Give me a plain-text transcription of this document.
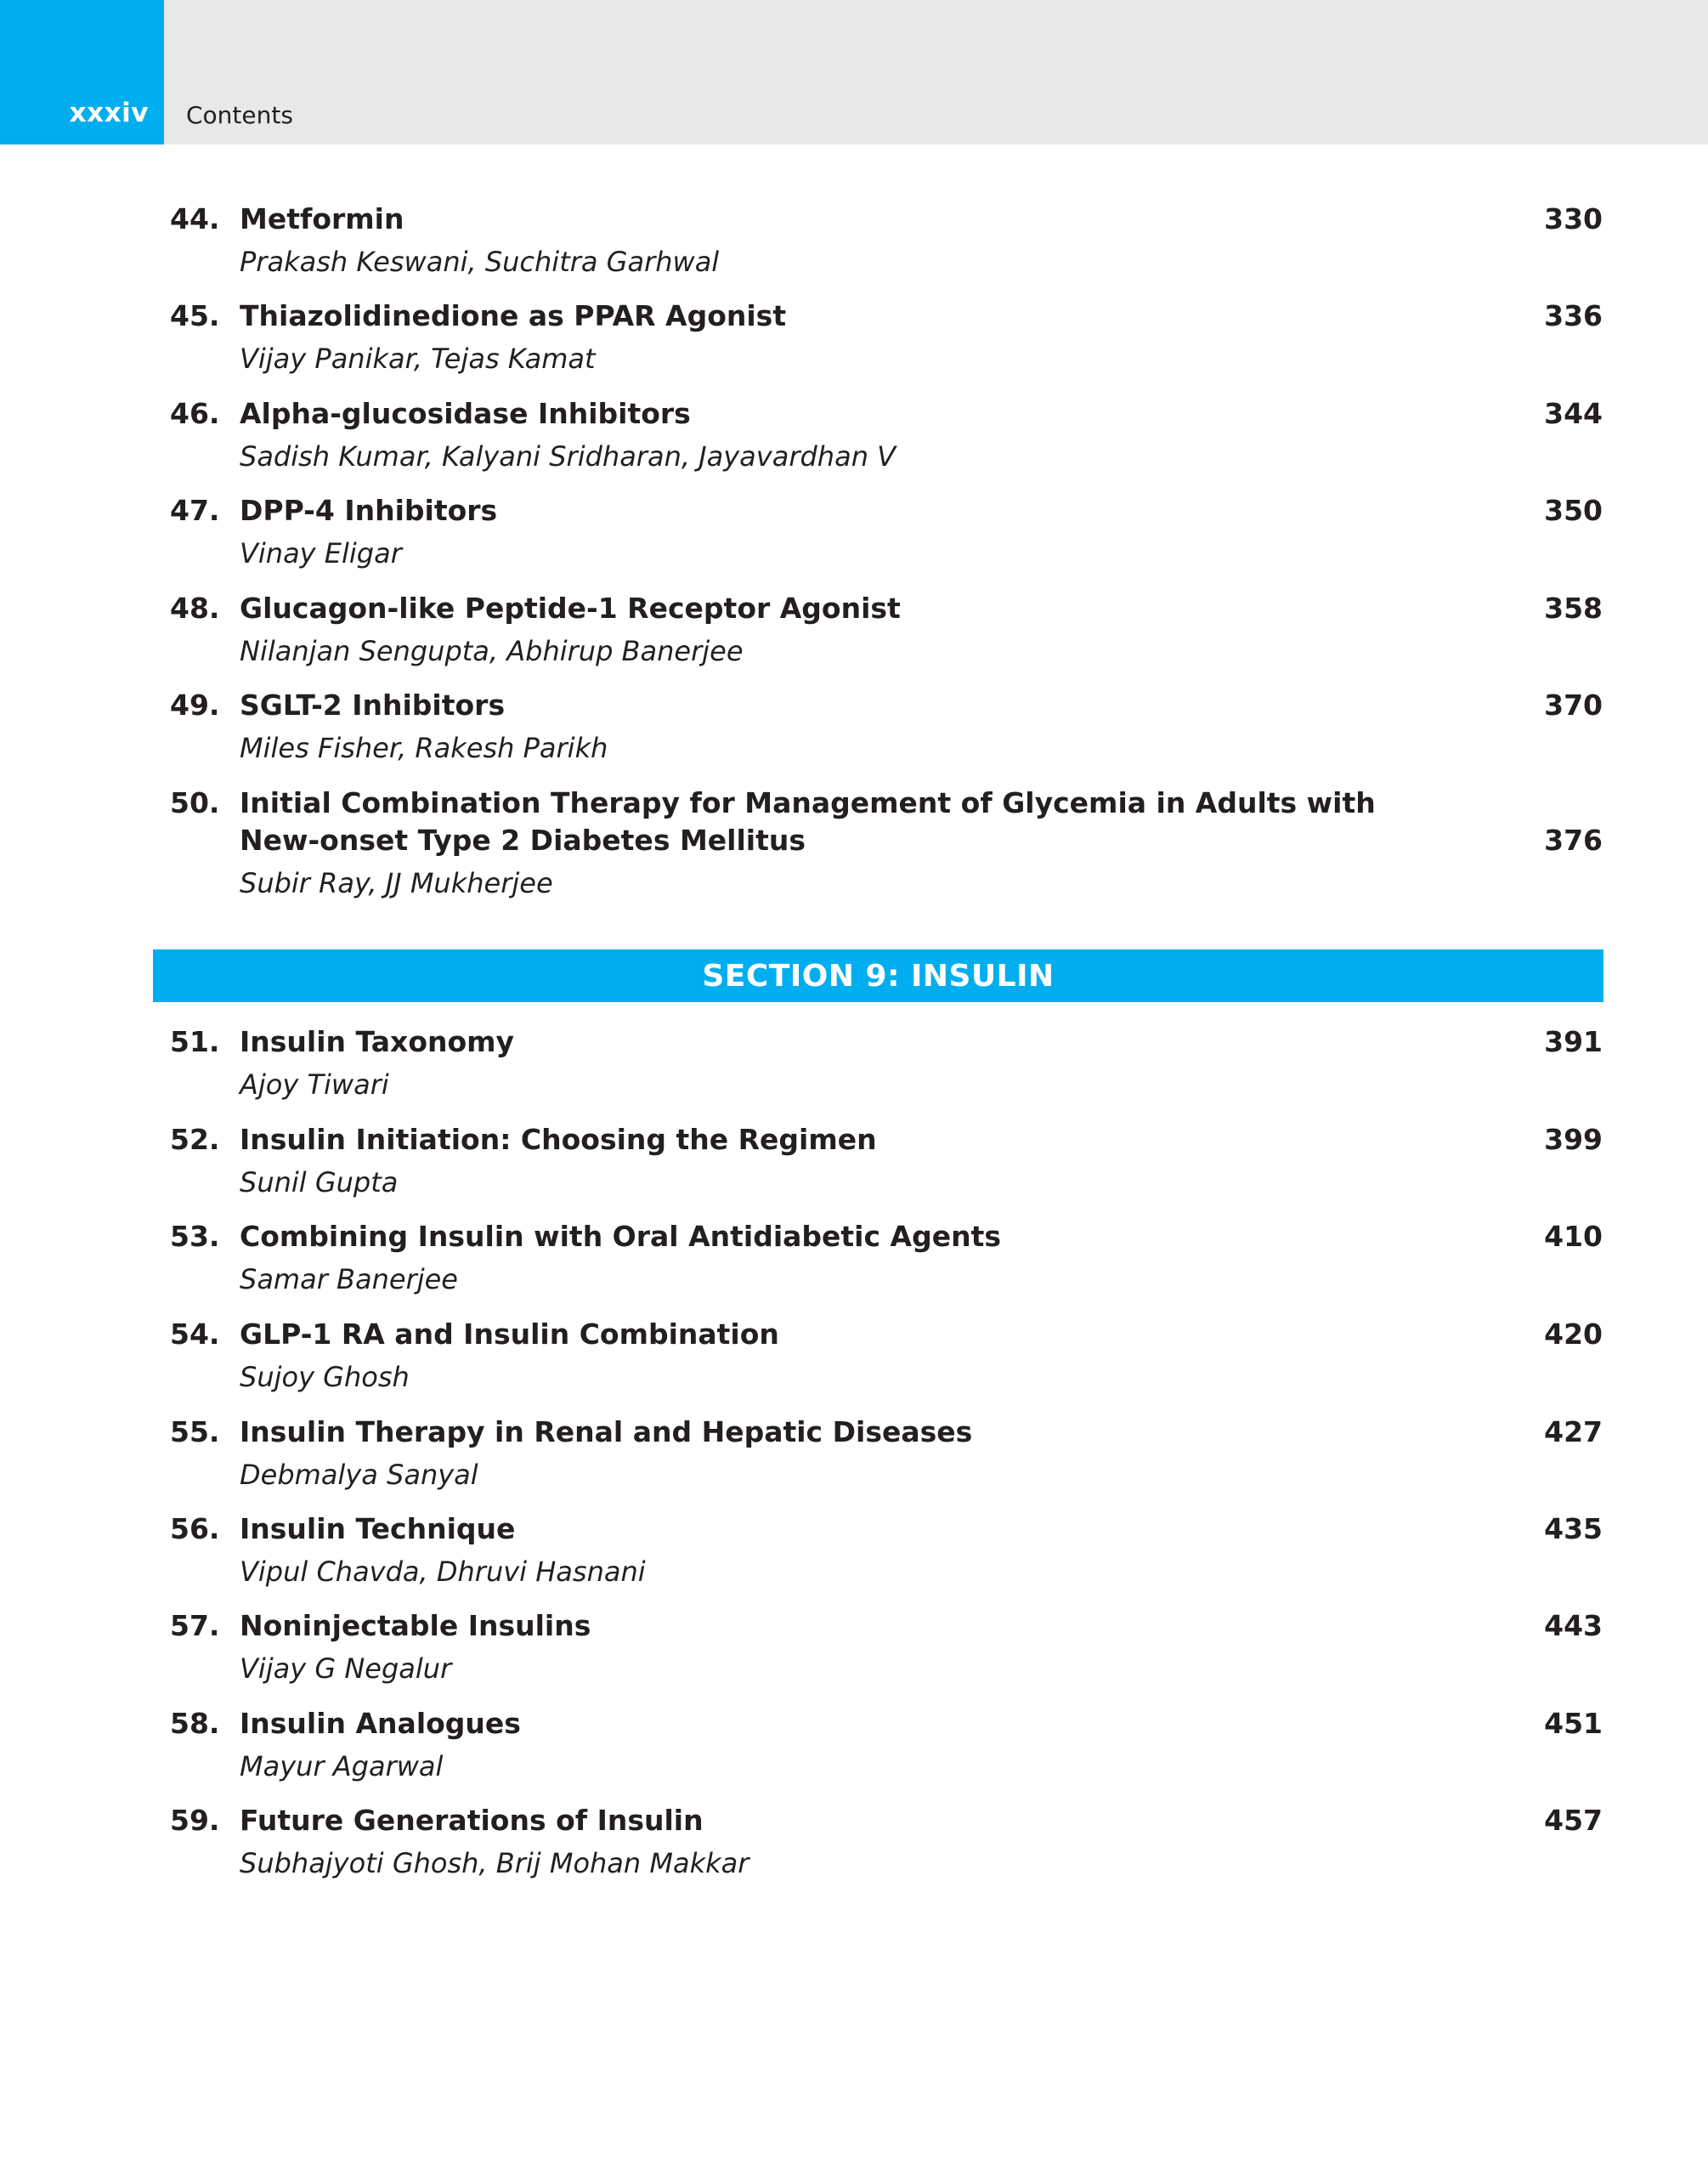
xxxiv Contents
44. Metformin	330
Prakash Keswani, Suchitra Garhwal
45. Thiazolidinedione as PPAR Agonist	336
Vijay Panikar, Tejas Kamat
46. Alpha-glucosidase Inhibitors	344
Sadish Kumar, Kalyani Sridharan, Jayavardhan V
47. DPP-4 Inhibitors	350
Vinay Eligar
48. Glucagon-like Peptide-1 Receptor Agonist	358
Nilanjan Sengupta, Abhirup Banerjee
49. SGLT-2 Inhibitors	370
Miles Fisher, Rakesh Parikh
50. Initial Combination Therapy for Management of Glycemia in Adults with
New-onset Type 2 Diabetes Mellitus	376
Subir Ray, JJ Mukherjee
SECTION 9: INSULIN
51. Insulin Taxonomy	391
Ajoy Tiwari
52. Insulin Initiation: Choosing the Regimen	399
Sunil Gupta
53. Combining Insulin with Oral Antidiabetic Agents	410
Samar Banerjee
54. GLP-1 RA and Insulin Combination	420
Sujoy Ghosh
55. Insulin Therapy in Renal and Hepatic Diseases	427
Debmalya Sanyal
56. Insulin Technique	435
Vipul Chavda, Dhruvi Hasnani
57. Noninjectable Insulins	443
Vijay G Negalur
58. Insulin Analogues	451
Mayur Agarwal
59. Future Generations of Insulin	457
Subhajyoti Ghosh, Brij Mohan Makkar
